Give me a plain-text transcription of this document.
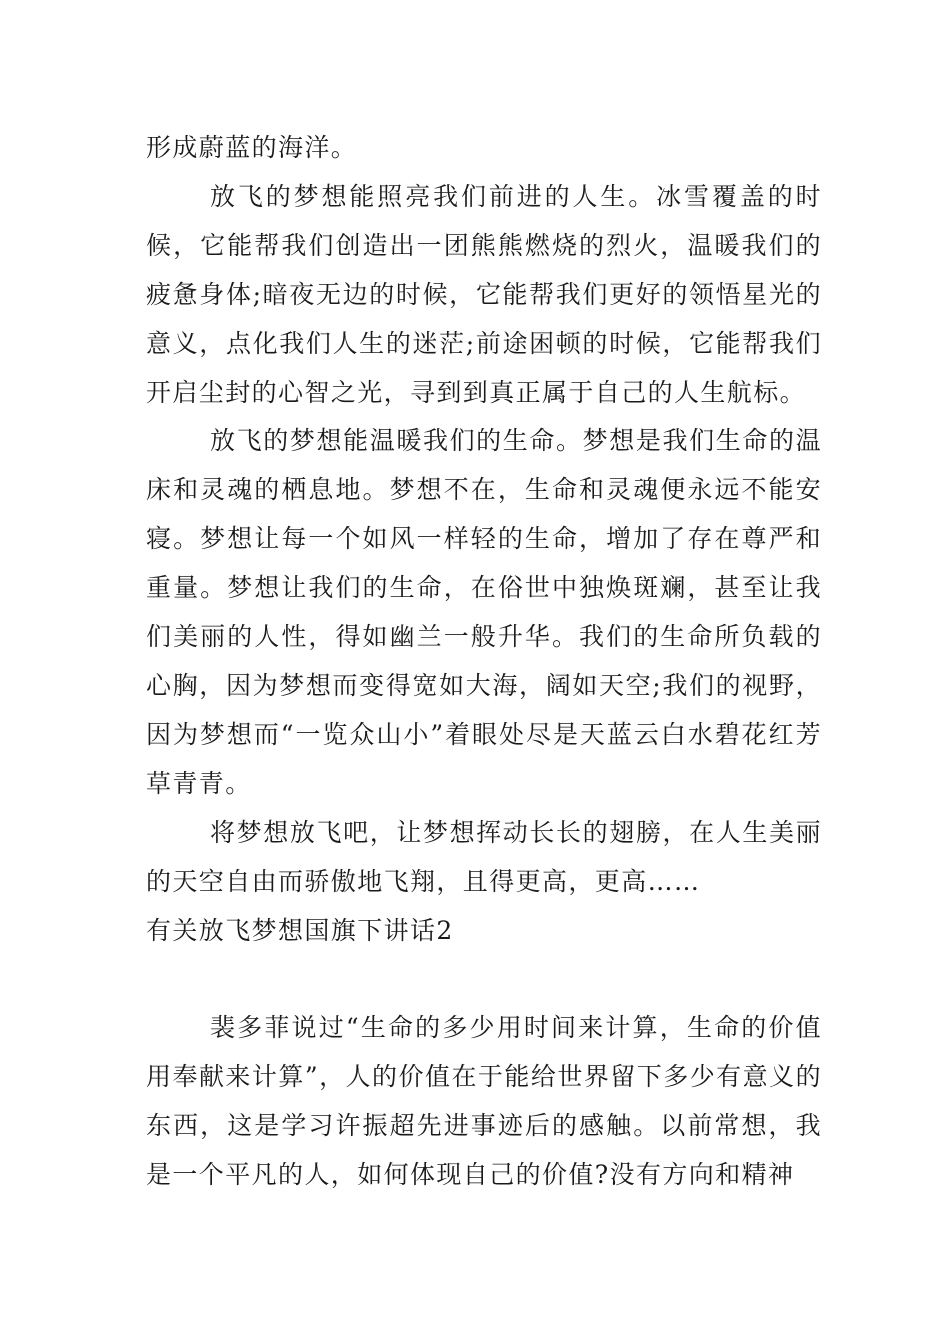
形成蔚蓝的海洋。

放飞的梦想能照亮我们前进的人生。冰雪覆盖的时候，它能帮我们创造出一团熊熊燃烧的烈火，温暖我们的疲惫身体;暗夜无边的时候，它能帮我们更好的领悟星光的意义，点化我们人生的迷茫;前途困顿的时候，它能帮我们开启尘封的心智之光，寻到到真正属于自己的人生航标。

放飞的梦想能温暖我们的生命。梦想是我们生命的温床和灵魂的栖息地。梦想不在，生命和灵魂便永远不能安寝。梦想让每一个如风一样轻的生命，增加了存在尊严和重量。梦想让我们的生命，在俗世中独焕斑斓，甚至让我们美丽的人性，得如幽兰一般升华。我们的生命所负载的心胸，因为梦想而变得宽如大海，阔如天空;我们的视野，因为梦想而“一览众山小”着眼处尽是天蓝云白水碧花红芳草青青。

将梦想放飞吧，让梦想挥动长长的翅膀，在人生美丽的天空自由而骄傲地飞翔，且得更高，更高……

有关放飞梦想国旗下讲话2

裴多菲说过“生命的多少用时间来计算，生命的价值用奉献来计算”，人的价值在于能给世界留下多少有意义的东西，这是学习许振超先进事迹后的感触。以前常想，我是一个平凡的人，如何体现自己的价值?没有方向和精神
